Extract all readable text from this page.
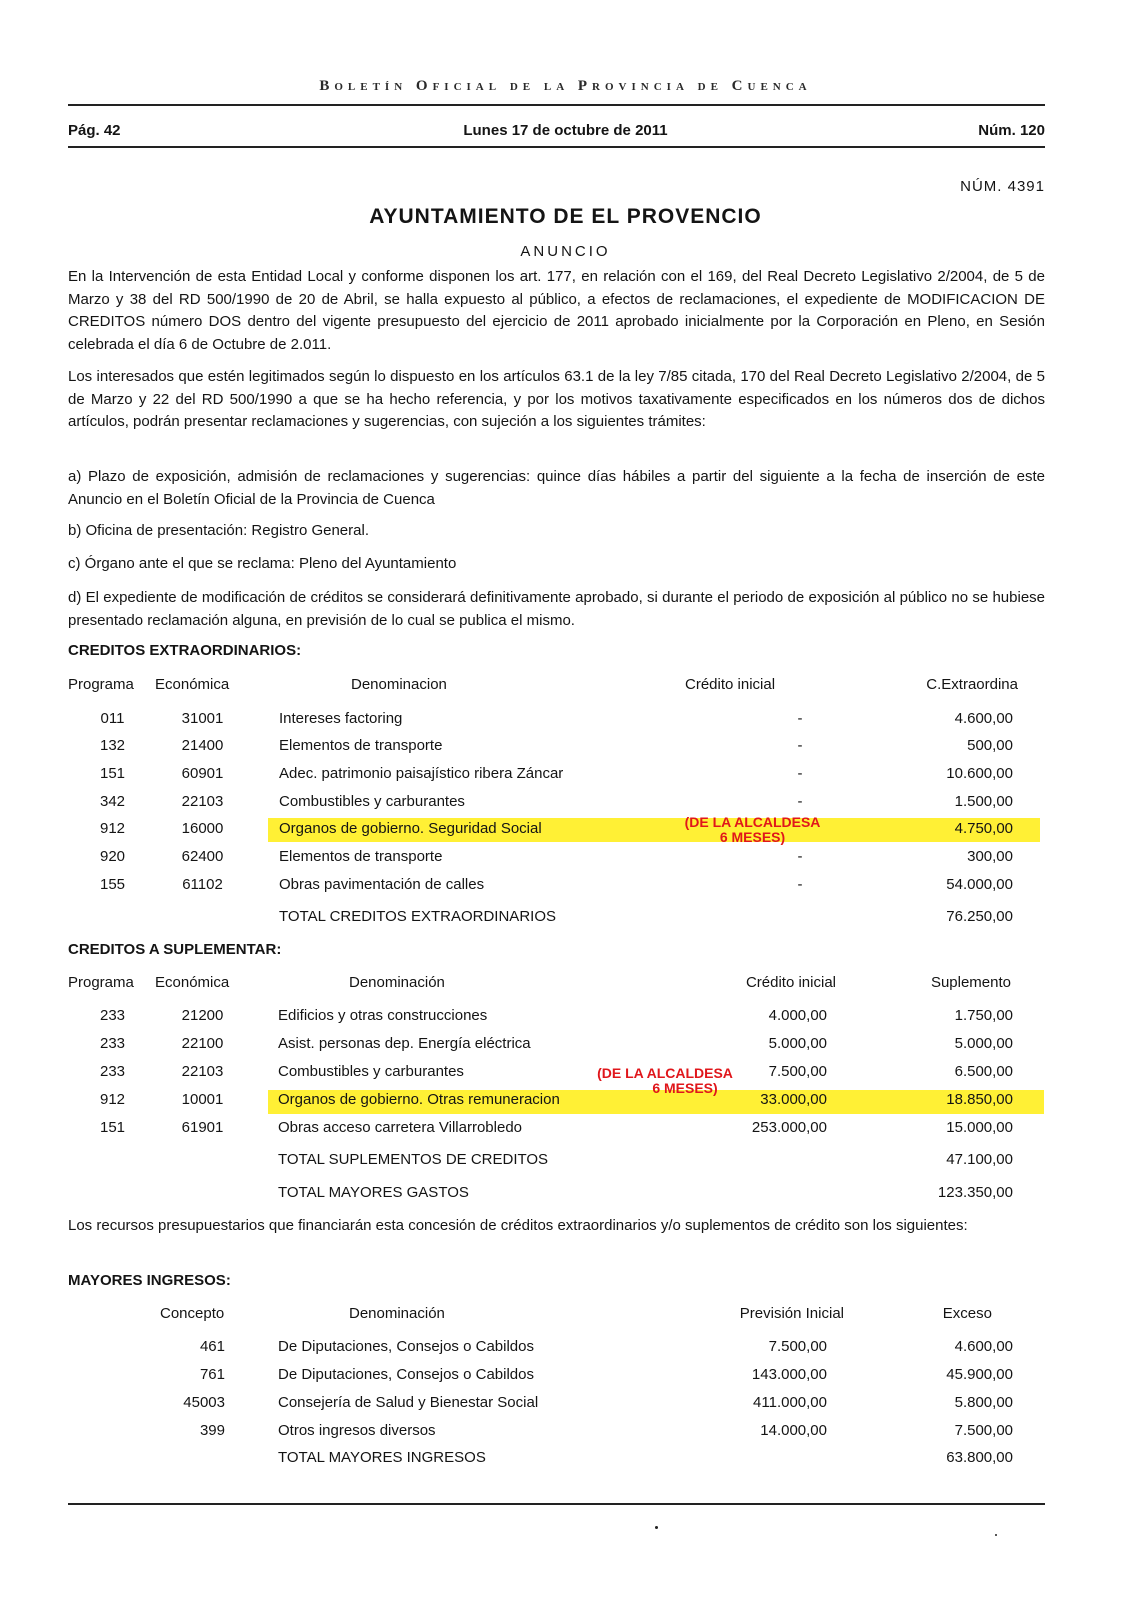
Boletín Oficial de la Provincia de Cuenca
Pág. 42	Lunes 17 de octubre de 2011	Núm. 120
NÚM. 4391
AYUNTAMIENTO DE EL PROVENCIO
ANUNCIO
En la Intervención de esta Entidad Local y conforme disponen los art. 177, en relación con el 169, del Real Decreto Legislativo 2/2004, de 5 de Marzo y 38 del RD 500/1990 de 20 de Abril, se halla expuesto al público, a efectos de reclamaciones, el expediente de MODIFICACION DE CREDITOS número DOS dentro del vigente presupuesto del ejercicio de 2011 aprobado inicialmente por la Corporación en Pleno, en Sesión celebrada el día 6 de Octubre de 2.011.
Los interesados que estén legitimados según lo dispuesto en los artículos 63.1 de la ley 7/85 citada, 170 del Real Decreto Legislativo 2/2004, de 5 de Marzo y 22 del RD 500/1990 a que se ha hecho referencia, y por los motivos taxativamente especificados en los números dos de dichos artículos, podrán presentar reclamaciones y sugerencias, con sujeción a los siguientes trámites:
a) Plazo de exposición, admisión de reclamaciones y sugerencias: quince días hábiles a partir del siguiente a la fecha de inserción de este Anuncio en el Boletín Oficial de la Provincia de Cuenca
b) Oficina de presentación: Registro General.
c) Órgano ante el que se reclama: Pleno del Ayuntamiento
d) El expediente de modificación de créditos se considerará definitivamente aprobado, si durante el periodo de exposición al público no se hubiese presentado reclamación alguna, en previsión de lo cual se publica el mismo.
CREDITOS EXTRAORDINARIOS:
Programa Económica	Denominacion	Crédito inicial	C.Extraordina
(DE LA ALCALDESA
6 MESES)
011	31001	Intereses factoring	-	4.600,00
132	21400	Elementos de transporte	-	500,00
151	60901	Adec. patrimonio paisajístico ribera Záncar	-	10.600,00
342	22103	Combustibles y carburantes	-	1.500,00
912	16000	Organos de gobierno. Seguridad Social	4.750,00
920	62400	Elementos de transporte	-	300,00
155	61102	Obras pavimentación de calles	-	54.000,00
TOTAL CREDITOS EXTRAORDINARIOS	76.250,00
CREDITOS A SUPLEMENTAR:
Programa Económica	Denominación	Crédito inicial	Suplemento
(DE LA ALCALDESA
6 MESES)
233	21200	Edificios y otras construcciones	4.000,00	1.750,00
233	22100	Asist. personas dep. Energía eléctrica	5.000,00	5.000,00
233	22103	Combustibles y carburantes	7.500,00	6.500,00
912	10001	Organos de gobierno. Otras remuneracion	33.000,00	18.850,00
151	61901	Obras acceso carretera Villarrobledo	253.000,00	15.000,00
TOTAL SUPLEMENTOS DE CREDITOS	47.100,00
TOTAL MAYORES GASTOS	123.350,00
Los recursos presupuestarios que financiarán esta concesión de créditos extraordinarios y/o suplementos de crédito son los siguientes:
MAYORES INGRESOS:
Concepto	Denominación	Previsión Inicial	Exceso
461	De Diputaciones, Consejos o Cabildos	7.500,00	4.600,00
761	De Diputaciones, Consejos o Cabildos	143.000,00	45.900,00
45003	Consejería de Salud y Bienestar Social	411.000,00	5.800,00
399	Otros ingresos diversos	14.000,00	7.500,00
TOTAL MAYORES INGRESOS	63.800,00
